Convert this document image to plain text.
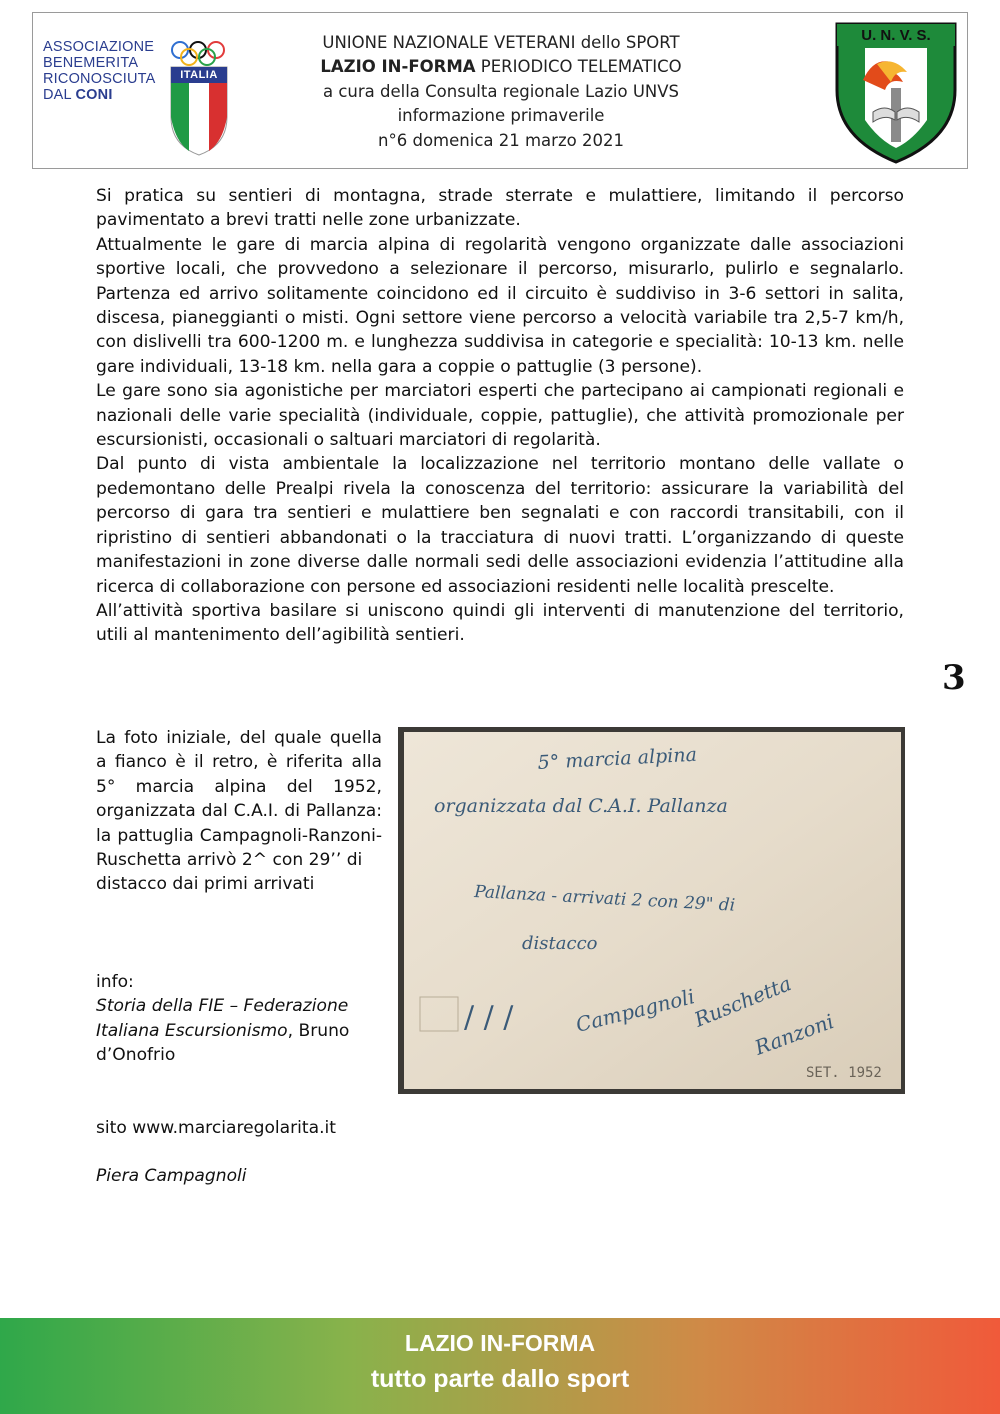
ASSOCIAZIONE
BENEMERITA
RICONOSCIUTA
DAL CONI
ITALIA
UNIONE NAZIONALE VETERANI dello SPORT
LAZIO IN-FORMA PERIODICO TELEMATICO
a cura della Consulta regionale Lazio UNVS
informazione primaverile
n°6 domenica 21 marzo 2021
U. N. V. S.

Si pratica su sentieri di montagna, strade sterrate e mulattiere, limitando il percorso pavimentato a brevi tratti nelle zone urbanizzate.

Attualmente le gare di marcia alpina di regolarità vengono organizzate dalle associazioni sportive locali, che provvedono a selezionare il percorso, misurarlo, pulirlo e segnalarlo. Partenza ed arrivo solitamente coincidono ed il circuito è suddiviso in 3-6 settori in salita, discesa, pianeggianti o misti. Ogni settore viene percorso a velocità variabile tra 2,5-7 km/h, con dislivelli tra 600-1200 m. e lunghezza suddivisa in categorie e specialità: 10-13 km. nelle gare individuali, 13-18 km. nella gara a coppie o pattuglie (3 persone).

Le gare sono sia agonistiche per marciatori esperti che partecipano ai campionati regionali e nazionali delle varie specialità (individuale, coppie, pattuglie), che attività promozionale per escursionisti, occasionali o saltuari marciatori di regolarità.

Dal punto di vista ambientale la localizzazione nel territorio montano delle vallate o pedemontano delle Prealpi rivela la conoscenza del territorio: assicurare la variabilità del percorso di gara tra sentieri e mulattiere ben segnalati e con raccordi transitabili, con il ripristino di sentieri abbandonati o la tracciatura di nuovi tratti. L’organizzando di queste manifestazioni in zone diverse dalle normali sedi delle associazioni evidenzia l’attitudine alla ricerca di collaborazione con persone ed associazioni residenti nelle località prescelte.

All’attività sportiva basilare si uniscono quindi gli interventi di manutenzione del territorio, utili al mantenimento dell’agibilità sentieri.

3
La foto iniziale, del quale quella a fianco è il retro, è riferita alla 5° marcia alpina del 1952, organizzata dal C.A.I. di Pallanza: la pattuglia Campagnoli-Ranzoni-Ruschetta arrivò 2^ con 29’’ di
distacco dai primi arrivati
info:
Storia della FIE – Federazione Italiana Escursionismo, Bruno d’Onofrio
sito www.marciaregolarita.it
Piera Campagnoli
5° marcia alpina
organizzata dal C.A.I. Pallanza
Pallanza - arrivati 2 con 29" di
distacco
Campagnoli
Ruschetta
Ranzoni
/ / /
SET. 1952
LAZIO IN-FORMA
tutto parte dallo sport
